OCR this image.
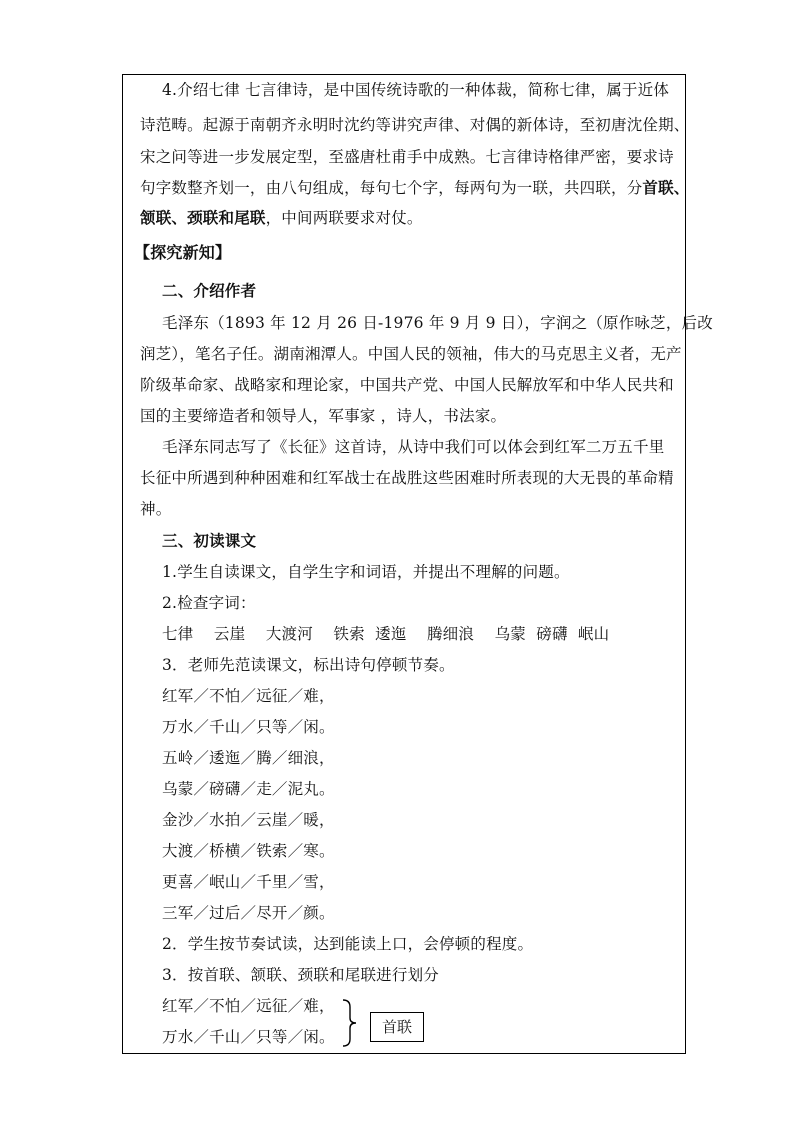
4.介绍七律 七言律诗，是中国传统诗歌的一种体裁，简称七律，属于近体
诗范畴。起源于南朝齐永明时沈约等讲究声律、对偶的新体诗，至初唐沈佺期、
宋之问等进一步发展定型，至盛唐杜甫手中成熟。七言律诗格律严密，要求诗
句字数整齐划一，由八句组成，每句七个字，每两句为一联，共四联，分首联、
颔联、颈联和尾联，中间两联要求对仗。
【探究新知】
二、介绍作者
毛泽东（1893 年 12 月 26 日-1976 年 9 月 9 日），字润之（原作咏芝，后改
润芝），笔名子任。湖南湘潭人。中国人民的领袖，伟大的马克思主义者，无产
阶级革命家、战略家和理论家，中国共产党、中国人民解放军和中华人民共和
国的主要缔造者和领导人，军事家 ，诗人，书法家。
毛泽东同志写了《长征》这首诗，从诗中我们可以体会到红军二万五千里
长征中所遇到种种困难和红军战士在战胜这些困难时所表现的大无畏的革命精
神。
三、初读课文
1.学生自读课文，自学生字和词语，并提出不理解的问题。
2.检查字词：
七律    云崖    大渡河    铁索  逶迤    腾细浪    乌蒙  磅礴  岷山
3．老师先范读课文，标出诗句停顿节奏。
红军／不怕／远征／难，
万水／千山／只等／闲。
五岭／逶迤／腾／细浪，
乌蒙／磅礴／走／泥丸。
金沙／水拍／云崖／暖，
大渡／桥横／铁索／寒。
更喜／岷山／千里／雪，
三军／过后／尽开／颜。
2．学生按节奏试读，达到能读上口，会停顿的程度。
3．按首联、颔联、颈联和尾联进行划分
红军／不怕／远征／难，
万水／千山／只等／闲。
首联
